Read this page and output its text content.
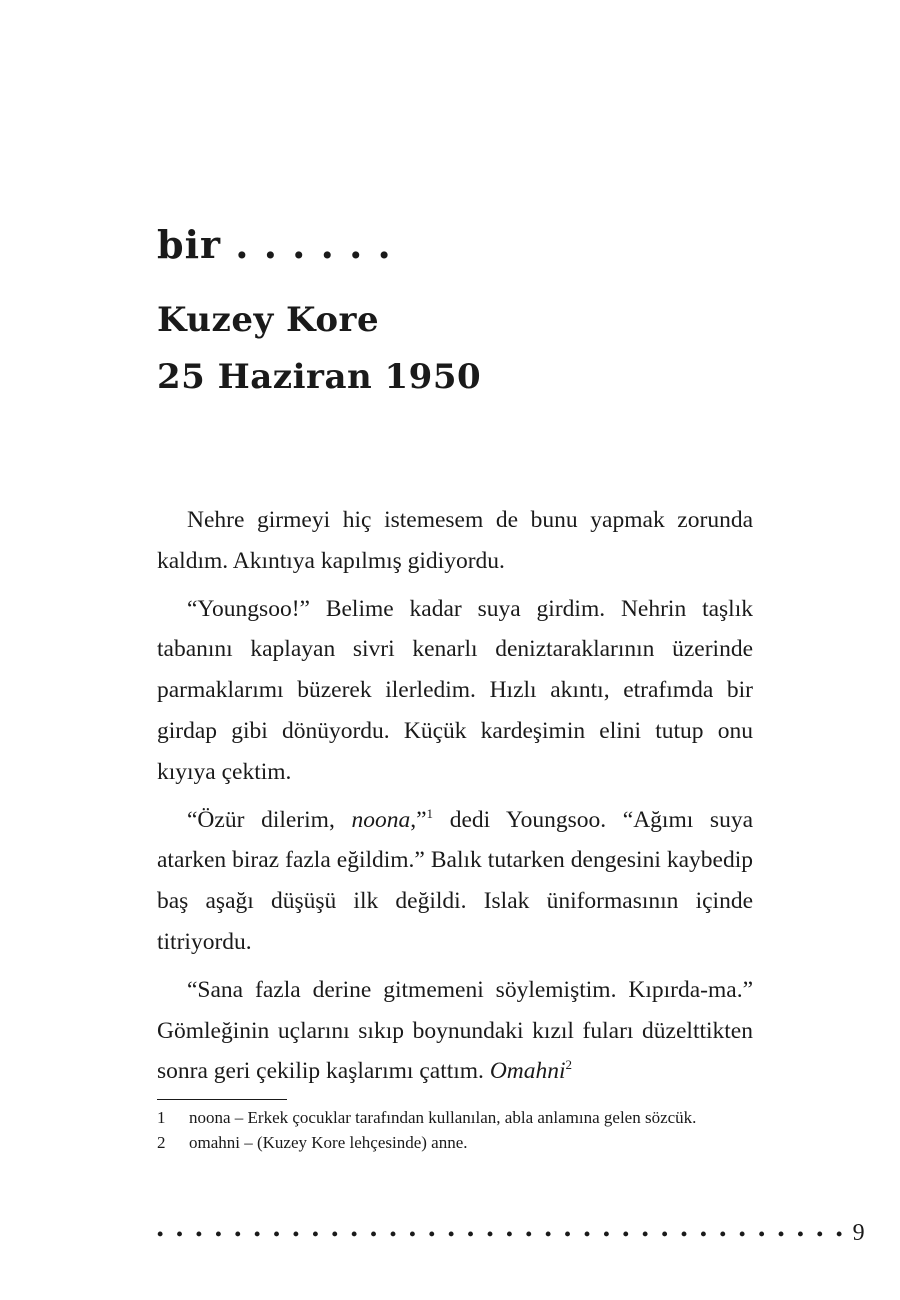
bir . . . . . .
Kuzey Kore
25 Haziran 1950

Nehre girmeyi hiç istemesem de bunu yapmak zorunda kaldım. Akıntıya kapılmış gidiyordu.

“Youngsoo!” Belime kadar suya girdim. Nehrin taşlık tabanını kaplayan sivri kenarlı deniztaraklarının üzerinde parmaklarımı büzerek ilerledim. Hızlı akıntı, etrafımda bir girdap gibi dönüyordu. Küçük kardeşimin elini tutup onu kıyıya çektim.

“Özür dilerim, noona,”$^1$ dedi Youngsoo. “Ağımı suya atarken biraz fazla eğildim.” Balık tutarken dengesini kaybedip baş aşağı düşüşü ilk değildi. Islak üniformasının içinde titriyordu.

“Sana fazla derine gitmemeni söylemiştim. Kıpırda-ma.” Gömleğinin uçlarını sıkıp boynundaki kızıl fuları düzelttikten sonra geri çekilip kaşlarımı çattım. Omahni$^2$

1	noona – Erkek çocuklar tarafından kullanılan, abla anlamına gelen sözcük.
2	omahni – (Kuzey Kore lehçesinde) anne.
• • • • • • • • • • • • • • • • • • • • • • • • • • • • • • • • • • • • 9
